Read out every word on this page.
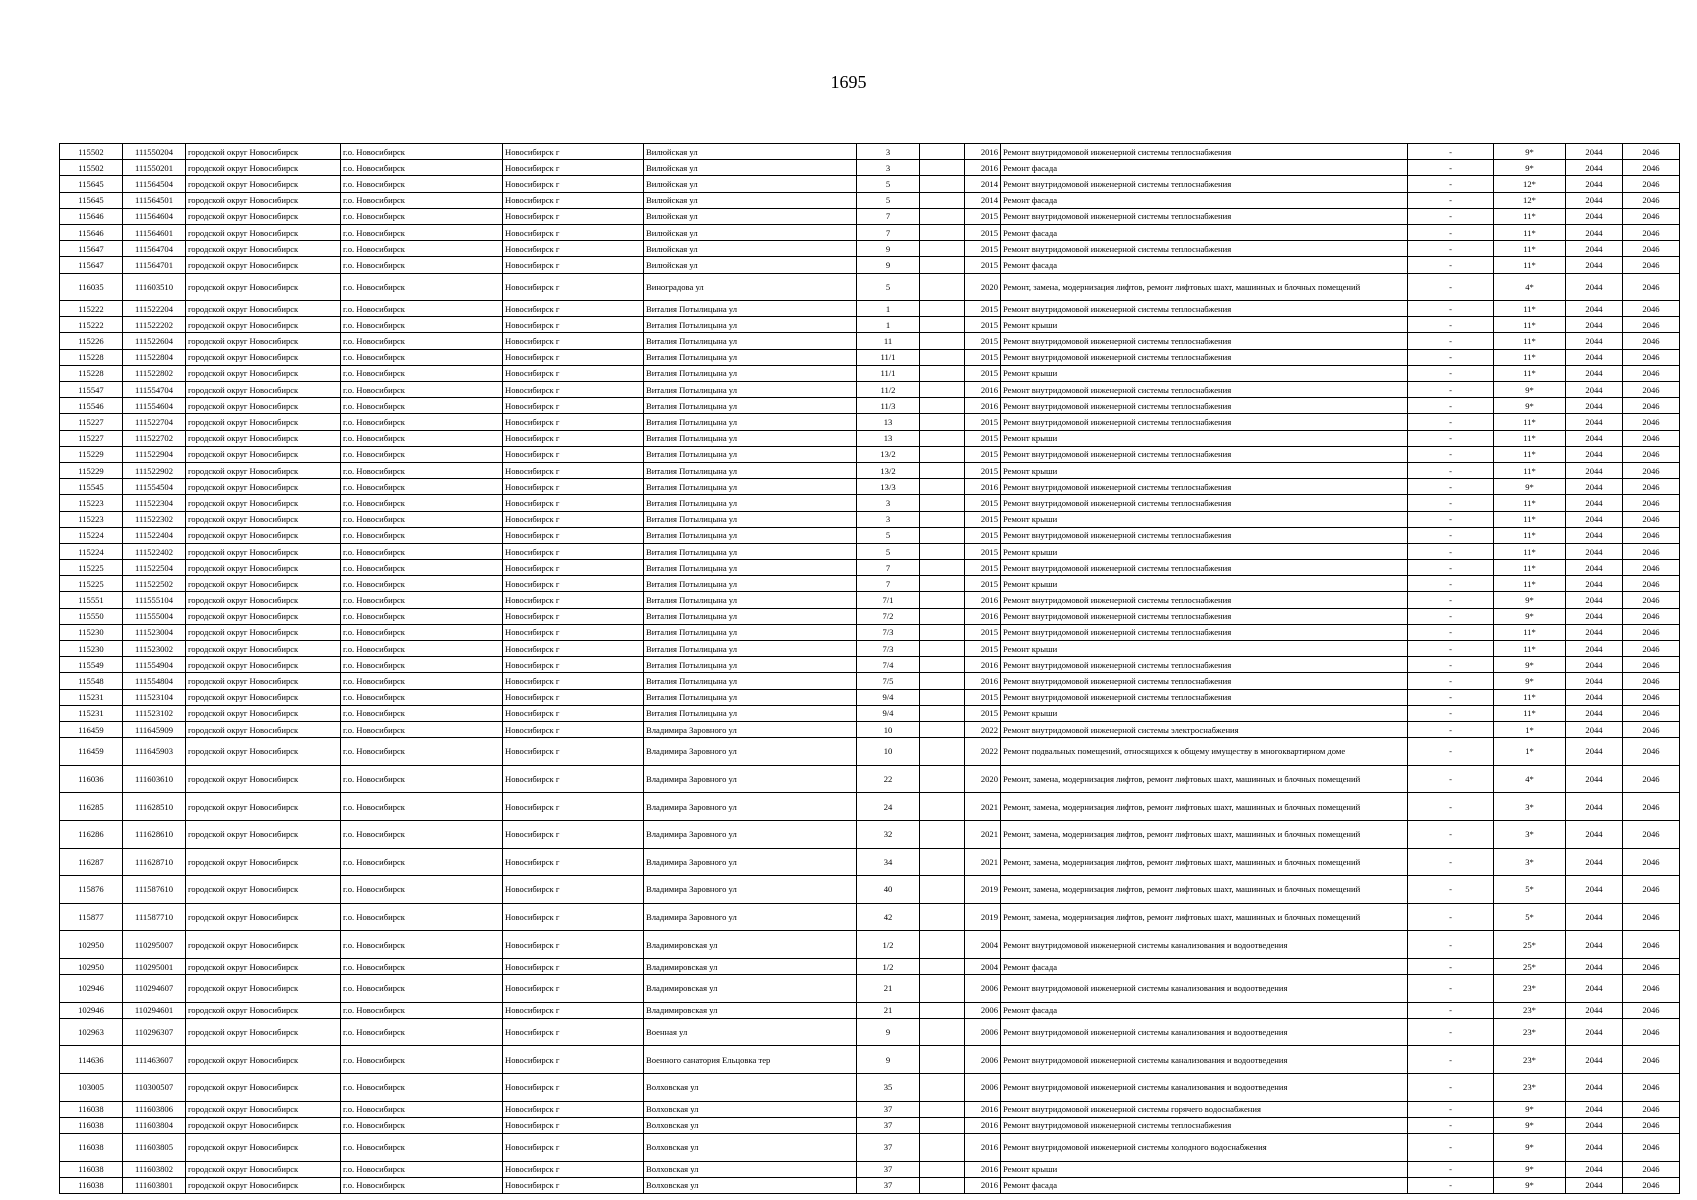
1695
115502	111550204	городской округ Новосибирск	г.о. Новосибирск	Новосибирск г	Вилюйская ул	3		2016	Ремонт внутридомовой инженерной системы теплоснабжения	-	9*	2044	2046
115502	111550201	городской округ Новосибирск	г.о. Новосибирск	Новосибирск г	Вилюйская ул	3		2016	Ремонт фасада	-	9*	2044	2046
115645	111564504	городской округ Новосибирск	г.о. Новосибирск	Новосибирск г	Вилюйская ул	5		2014	Ремонт внутридомовой инженерной системы теплоснабжения	-	12*	2044	2046
115645	111564501	городской округ Новосибирск	г.о. Новосибирск	Новосибирск г	Вилюйская ул	5		2014	Ремонт фасада	-	12*	2044	2046
115646	111564604	городской округ Новосибирск	г.о. Новосибирск	Новосибирск г	Вилюйская ул	7		2015	Ремонт внутридомовой инженерной системы теплоснабжения	-	11*	2044	2046
115646	111564601	городской округ Новосибирск	г.о. Новосибирск	Новосибирск г	Вилюйская ул	7		2015	Ремонт фасада	-	11*	2044	2046
115647	111564704	городской округ Новосибирск	г.о. Новосибирск	Новосибирск г	Вилюйская ул	9		2015	Ремонт внутридомовой инженерной системы теплоснабжения	-	11*	2044	2046
115647	111564701	городской округ Новосибирск	г.о. Новосибирск	Новосибирск г	Вилюйская ул	9		2015	Ремонт фасада	-	11*	2044	2046
116035	111603510	городской округ Новосибирск	г.о. Новосибирск	Новосибирск г	Виноградова ул	5		2020	Ремонт, замена, модернизация лифтов, ремонт лифтовых шахт, машинных и блочных помещений	-	4*	2044	2046
115222	111522204	городской округ Новосибирск	г.о. Новосибирск	Новосибирск г	Виталия Потылицына ул	1		2015	Ремонт внутридомовой инженерной системы теплоснабжения	-	11*	2044	2046
115222	111522202	городской округ Новосибирск	г.о. Новосибирск	Новосибирск г	Виталия Потылицына ул	1		2015	Ремонт крыши	-	11*	2044	2046
115226	111522604	городской округ Новосибирск	г.о. Новосибирск	Новосибирск г	Виталия Потылицына ул	11		2015	Ремонт внутридомовой инженерной системы теплоснабжения	-	11*	2044	2046
115228	111522804	городской округ Новосибирск	г.о. Новосибирск	Новосибирск г	Виталия Потылицына ул	11/1		2015	Ремонт внутридомовой инженерной системы теплоснабжения	-	11*	2044	2046
115228	111522802	городской округ Новосибирск	г.о. Новосибирск	Новосибирск г	Виталия Потылицына ул	11/1		2015	Ремонт крыши	-	11*	2044	2046
115547	111554704	городской округ Новосибирск	г.о. Новосибирск	Новосибирск г	Виталия Потылицына ул	11/2		2016	Ремонт внутридомовой инженерной системы теплоснабжения	-	9*	2044	2046
115546	111554604	городской округ Новосибирск	г.о. Новосибирск	Новосибирск г	Виталия Потылицына ул	11/3		2016	Ремонт внутридомовой инженерной системы теплоснабжения	-	9*	2044	2046
115227	111522704	городской округ Новосибирск	г.о. Новосибирск	Новосибирск г	Виталия Потылицына ул	13		2015	Ремонт внутридомовой инженерной системы теплоснабжения	-	11*	2044	2046
115227	111522702	городской округ Новосибирск	г.о. Новосибирск	Новосибирск г	Виталия Потылицына ул	13		2015	Ремонт крыши	-	11*	2044	2046
115229	111522904	городской округ Новосибирск	г.о. Новосибирск	Новосибирск г	Виталия Потылицына ул	13/2		2015	Ремонт внутридомовой инженерной системы теплоснабжения	-	11*	2044	2046
115229	111522902	городской округ Новосибирск	г.о. Новосибирск	Новосибирск г	Виталия Потылицына ул	13/2		2015	Ремонт крыши	-	11*	2044	2046
115545	111554504	городской округ Новосибирск	г.о. Новосибирск	Новосибирск г	Виталия Потылицына ул	13/3		2016	Ремонт внутридомовой инженерной системы теплоснабжения	-	9*	2044	2046
115223	111522304	городской округ Новосибирск	г.о. Новосибирск	Новосибирск г	Виталия Потылицына ул	3		2015	Ремонт внутридомовой инженерной системы теплоснабжения	-	11*	2044	2046
115223	111522302	городской округ Новосибирск	г.о. Новосибирск	Новосибирск г	Виталия Потылицына ул	3		2015	Ремонт крыши	-	11*	2044	2046
115224	111522404	городской округ Новосибирск	г.о. Новосибирск	Новосибирск г	Виталия Потылицына ул	5		2015	Ремонт внутридомовой инженерной системы теплоснабжения	-	11*	2044	2046
115224	111522402	городской округ Новосибирск	г.о. Новосибирск	Новосибирск г	Виталия Потылицына ул	5		2015	Ремонт крыши	-	11*	2044	2046
115225	111522504	городской округ Новосибирск	г.о. Новосибирск	Новосибирск г	Виталия Потылицына ул	7		2015	Ремонт внутридомовой инженерной системы теплоснабжения	-	11*	2044	2046
115225	111522502	городской округ Новосибирск	г.о. Новосибирск	Новосибирск г	Виталия Потылицына ул	7		2015	Ремонт крыши	-	11*	2044	2046
115551	111555104	городской округ Новосибирск	г.о. Новосибирск	Новосибирск г	Виталия Потылицына ул	7/1		2016	Ремонт внутридомовой инженерной системы теплоснабжения	-	9*	2044	2046
115550	111555004	городской округ Новосибирск	г.о. Новосибирск	Новосибирск г	Виталия Потылицына ул	7/2		2016	Ремонт внутридомовой инженерной системы теплоснабжения	-	9*	2044	2046
115230	111523004	городской округ Новосибирск	г.о. Новосибирск	Новосибирск г	Виталия Потылицына ул	7/3		2015	Ремонт внутридомовой инженерной системы теплоснабжения	-	11*	2044	2046
115230	111523002	городской округ Новосибирск	г.о. Новосибирск	Новосибирск г	Виталия Потылицына ул	7/3		2015	Ремонт крыши	-	11*	2044	2046
115549	111554904	городской округ Новосибирск	г.о. Новосибирск	Новосибирск г	Виталия Потылицына ул	7/4		2016	Ремонт внутридомовой инженерной системы теплоснабжения	-	9*	2044	2046
115548	111554804	городской округ Новосибирск	г.о. Новосибирск	Новосибирск г	Виталия Потылицына ул	7/5		2016	Ремонт внутридомовой инженерной системы теплоснабжения	-	9*	2044	2046
115231	111523104	городской округ Новосибирск	г.о. Новосибирск	Новосибирск г	Виталия Потылицына ул	9/4		2015	Ремонт внутридомовой инженерной системы теплоснабжения	-	11*	2044	2046
115231	111523102	городской округ Новосибирск	г.о. Новосибирск	Новосибирск г	Виталия Потылицына ул	9/4		2015	Ремонт крыши	-	11*	2044	2046
116459	111645909	городской округ Новосибирск	г.о. Новосибирск	Новосибирск г	Владимира Заровного ул	10		2022	Ремонт внутридомовой инженерной системы электроснабжения	-	1*	2044	2046
116459	111645903	городской округ Новосибирск	г.о. Новосибирск	Новосибирск г	Владимира Заровного ул	10		2022	Ремонт подвальных помещений, относящихся к общему имуществу в многоквартирном доме	-	1*	2044	2046
116036	111603610	городской округ Новосибирск	г.о. Новосибирск	Новосибирск г	Владимира Заровного ул	22		2020	Ремонт, замена, модернизация лифтов, ремонт лифтовых шахт, машинных и блочных помещений	-	4*	2044	2046
116285	111628510	городской округ Новосибирск	г.о. Новосибирск	Новосибирск г	Владимира Заровного ул	24		2021	Ремонт, замена, модернизация лифтов, ремонт лифтовых шахт, машинных и блочных помещений	-	3*	2044	2046
116286	111628610	городской округ Новосибирск	г.о. Новосибирск	Новосибирск г	Владимира Заровного ул	32		2021	Ремонт, замена, модернизация лифтов, ремонт лифтовых шахт, машинных и блочных помещений	-	3*	2044	2046
116287	111628710	городской округ Новосибирск	г.о. Новосибирск	Новосибирск г	Владимира Заровного ул	34		2021	Ремонт, замена, модернизация лифтов, ремонт лифтовых шахт, машинных и блочных помещений	-	3*	2044	2046
115876	111587610	городской округ Новосибирск	г.о. Новосибирск	Новосибирск г	Владимира Заровного ул	40		2019	Ремонт, замена, модернизация лифтов, ремонт лифтовых шахт, машинных и блочных помещений	-	5*	2044	2046
115877	111587710	городской округ Новосибирск	г.о. Новосибирск	Новосибирск г	Владимира Заровного ул	42		2019	Ремонт, замена, модернизация лифтов, ремонт лифтовых шахт, машинных и блочных помещений	-	5*	2044	2046
102950	110295007	городской округ Новосибирск	г.о. Новосибирск	Новосибирск г	Владимировская ул	1/2		2004	Ремонт внутридомовой инженерной системы канализования и водоотведения	-	25*	2044	2046
102950	110295001	городской округ Новосибирск	г.о. Новосибирск	Новосибирск г	Владимировская ул	1/2		2004	Ремонт фасада	-	25*	2044	2046
102946	110294607	городской округ Новосибирск	г.о. Новосибирск	Новосибирск г	Владимировская ул	21		2006	Ремонт внутридомовой инженерной системы канализования и водоотведения	-	23*	2044	2046
102946	110294601	городской округ Новосибирск	г.о. Новосибирск	Новосибирск г	Владимировская ул	21		2006	Ремонт фасада	-	23*	2044	2046
102963	110296307	городской округ Новосибирск	г.о. Новосибирск	Новосибирск г	Военная ул	9		2006	Ремонт внутридомовой инженерной системы канализования и водоотведения	-	23*	2044	2046
114636	111463607	городской округ Новосибирск	г.о. Новосибирск	Новосибирск г	Военного санатория Ельцовка тер	9		2006	Ремонт внутридомовой инженерной системы канализования и водоотведения	-	23*	2044	2046
103005	110300507	городской округ Новосибирск	г.о. Новосибирск	Новосибирск г	Волховская ул	35		2006	Ремонт внутридомовой инженерной системы канализования и водоотведения	-	23*	2044	2046
116038	111603806	городской округ Новосибирск	г.о. Новосибирск	Новосибирск г	Волховская ул	37		2016	Ремонт внутридомовой инженерной системы горячего водоснабжения	-	9*	2044	2046
116038	111603804	городской округ Новосибирск	г.о. Новосибирск	Новосибирск г	Волховская ул	37		2016	Ремонт внутридомовой инженерной системы теплоснабжения	-	9*	2044	2046
116038	111603805	городской округ Новосибирск	г.о. Новосибирск	Новосибирск г	Волховская ул	37		2016	Ремонт внутридомовой инженерной системы холодного водоснабжения	-	9*	2044	2046
116038	111603802	городской округ Новосибирск	г.о. Новосибирск	Новосибирск г	Волховская ул	37		2016	Ремонт крыши	-	9*	2044	2046
116038	111603801	городской округ Новосибирск	г.о. Новосибирск	Новосибирск г	Волховская ул	37		2016	Ремонт фасада	-	9*	2044	2046
